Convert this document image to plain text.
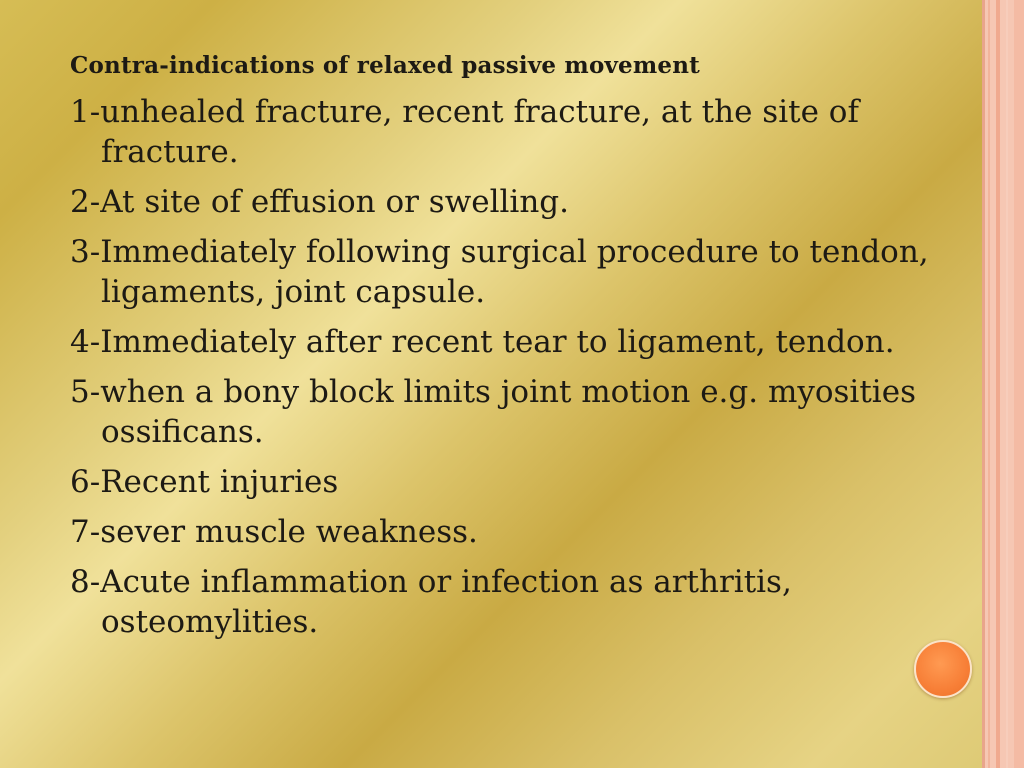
Contra-indications of relaxed passive movement
1-unhealed fracture, recent fracture, at the site of fracture.
2-At site of effusion or swelling.
3-Immediately following surgical procedure to tendon, ligaments, joint capsule.
4-Immediately after recent tear to ligament, tendon.
5-when a bony block limits joint motion e.g. myosities ossificans.
6-Recent injuries
7-sever muscle weakness.
8-Acute inflammation or infection as arthritis, osteomylities.
